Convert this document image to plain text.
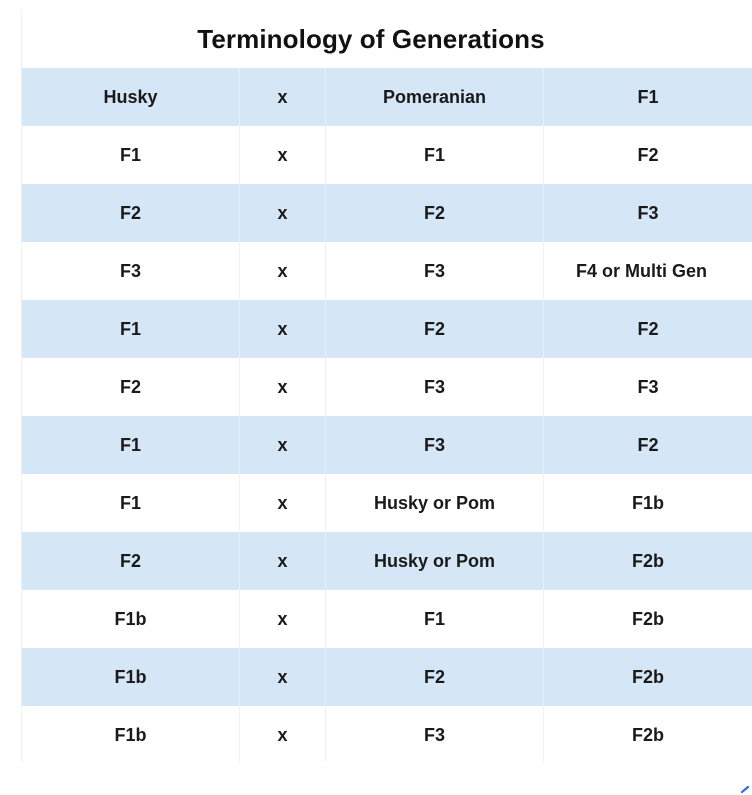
Terminology of Generations
Husky	x	Pomeranian	F1
F1	x	F1	F2
F2	x	F2	F3
F3	x	F3	F4 or Multi Gen
F1	x	F2	F2
F2	x	F3	F3
F1	x	F3	F2
F1	x	Husky or Pom	F1b
F2	x	Husky or Pom	F2b
F1b	x	F1	F2b
F1b	x	F2	F2b
F1b	x	F3	F2b
